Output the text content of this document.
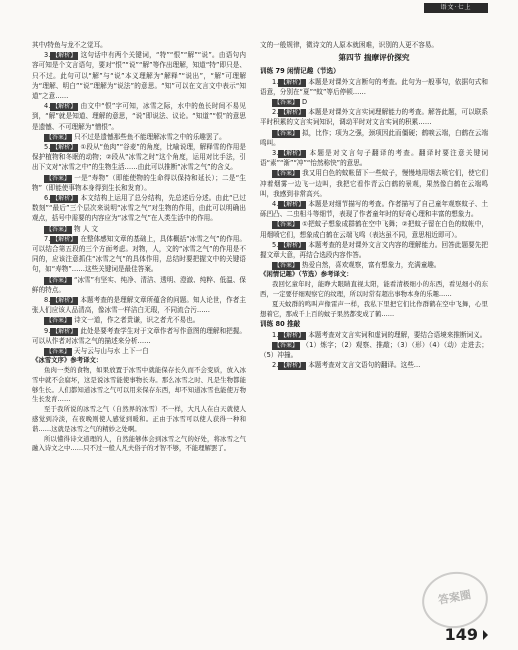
语文·七上

其中/特鱼与龙不之觉耳。

3. 【解析】 这句话中有两个关键词，“特”“恨”“解”“说”。由语句内容可知是个文言语句，要对“恨”“说”“解”等作出理解，知道“特”即只是、只不过。此句可以“解”与“说”本义理解为“解释”“说出”，“解”可理解为“理解、明白”“说”理解为“说法”的意思。“知”可以在文言文中表示“知道”之意……

4. 【解析】 由文中“恨”字可知，冰雪之际，水中的鱼长时间不易见到，“解”就是知道、理解的意思，“说”即说法、议论。“知道”“恨”的意思是遗憾、不可理解为“憎恨”。

【答案】 只不过是遗憾那些鱼不能理解冰雪之中的乐趣罢了。

5. 【解析】 ①段从“鱼肉”“谷麦”的角度，比喻说理，解释雪的作用是保护植物和冬眠的动物；②段从“冰雪之时”这个角度，运用对比手法，引出下文对“冰雪之中”的生物生活……由此可以推断“冰雪之气”的含义。

【答案】 一是“寿物”（即能使物的生命得以保持和延长）；二是“生物”（即能使事物本身得到生长和发育）。

6. 【解析】 本文结构上运用了总分结构，先总述后分述。由此“已过数刻”“最后”三个层次来说明“冰雪之气”对生物的作用，由此可以明确出观点，括号中需要的内容应为“冰雪之气”在人类生活中的作用。

【答案】 物 人 文

7. 【解析】 在整体感知文章的基础上，具体概括“冰雪之气”的作用。可以结合第五段的三个方面考虑。对物，人，文的“冰雪之气”的作用是不同的，应该注意抓住“冰雪之气”的具体作用，总结时要把握文中的关键语句，如“寿物”……这些关键词是最佳答案。

【答案】 “冰雪”有坚实、纯净、清洁、透明、澄澈、纯粹、低温、保鲜的特点。

8. 【解析】 本题考查的是理解文章所蕴含的问题。知人论世，作者主张人们应该人品清高，像冰雪一样洁白无瑕，不同流合污……

【答案】 诗文一道，作之者贵谦，识之者尤不易也。

9. 【解析】 此处是要考查学生对于文章作者写作意图的理解和把握。可以从作者对冰雪之气的描述来分析……

【答案】 天与云与山与水 上下一白

《冰雪文序》参考译文：

鱼肉一类的食物，如果放置于冰雪中就能保存长久而不会变质，放入冰雪中就不会腐坏，这是说冰雪能使事物长寿。那么冰雪之时、凡是生物都能够生长。人们都知道冰雪之气可以用来保存东西，却不知道冰雪也能使万物生长发育……

至于我所说的冰雪之气（自然界的冰雪）不一样，大凡人在白天就使人感觉到冷淡，在夜晚则使人感觉到暖和。正由于冰雪可以使人获得一种和谐……这就是冰雪之气的精妙之处啊。

所以懂得诗文道理的人，自然能够体会到冰雪之气的好处，将冰雪之气融入诗文之中……只不过一般人凡夫俗子的才智不够，不能理解罢了。

文的一般规律，微诗文的人原本就困难，识别的人更不容易。

第四节 揣摩评价探究

训练 79 闲情记趣（节选）

1. 【解析】 本题是对课外文言断句的考查。此句为一般事句，依据句式和语意，分别在“夏”“蚊”等后停顿……

【答案】 D

2. 【解析】 本题是对课外文言实词理解能力的考查。解答此题，可以联系平时积累的文言实词知识，调动平时对文言实词的积累……

【答案】 拟，比作；项为之强，颈项因此而僵硬；鹤唳云端，白鹤在云端鸣叫。

3. 【解析】 本题是对文言句子翻译的考查。翻译时要注意关键词语“素”“渐”“冲”“怡然称快”的意思。

【答案】 我又用白色的蚊帐留下一些蚊子，慢慢地用烟去喷它们，使它们冲着烟雾一边飞一边叫，我把它看作青云白鹤的景观，果然像白鹤在云端鸣叫，我感到非常高兴。

4. 【解析】 本题是对细节描写的考查。作者描写了自己童年观察蚊子、土砾凹凸、二虫相斗等细节，表现了作者童年时的好奇心理和丰富的想象力。

【答案】 ①把蚊子想象成群鹤在空中飞舞；②把蚊子留在白色的蚊帐中，用烟喷它们，想象成白鹤在云端飞鸣（表达虽不同，意思相近即可）。

5. 【解析】 本题考查的是对课外文言文内容的理解能力。回答此题要先把握文章大意，再结合选段内容作答。

【答案】 热爱自然，喜欢观察，富有想象力，充满童趣。

《闲情记趣》（节选）参考译文：

我回忆童年时，能睁大眼睛直视太阳，能看清极细小的东西，看见细小的东西，一定要仔细观察它的纹理，所以时常有超出事物本身的乐趣……

夏天蚊群的鸣叫声像雷声一样，我私下里把它们比作群鹤在空中飞舞，心里想着它，那成千上百的蚊子果然都变成了鹤……

训练 80 推敲

1. 【解析】 本题考查对文言实词和虚词的理解，要结合语境来推断词义。

【答案】 （1）炼字；（2）观察、推敲；（3）（形）（4）（动）走进去；（5）冲撞。

2. 【解析】 本题考查对文言文语句的翻译。这些…

答案圈
149
